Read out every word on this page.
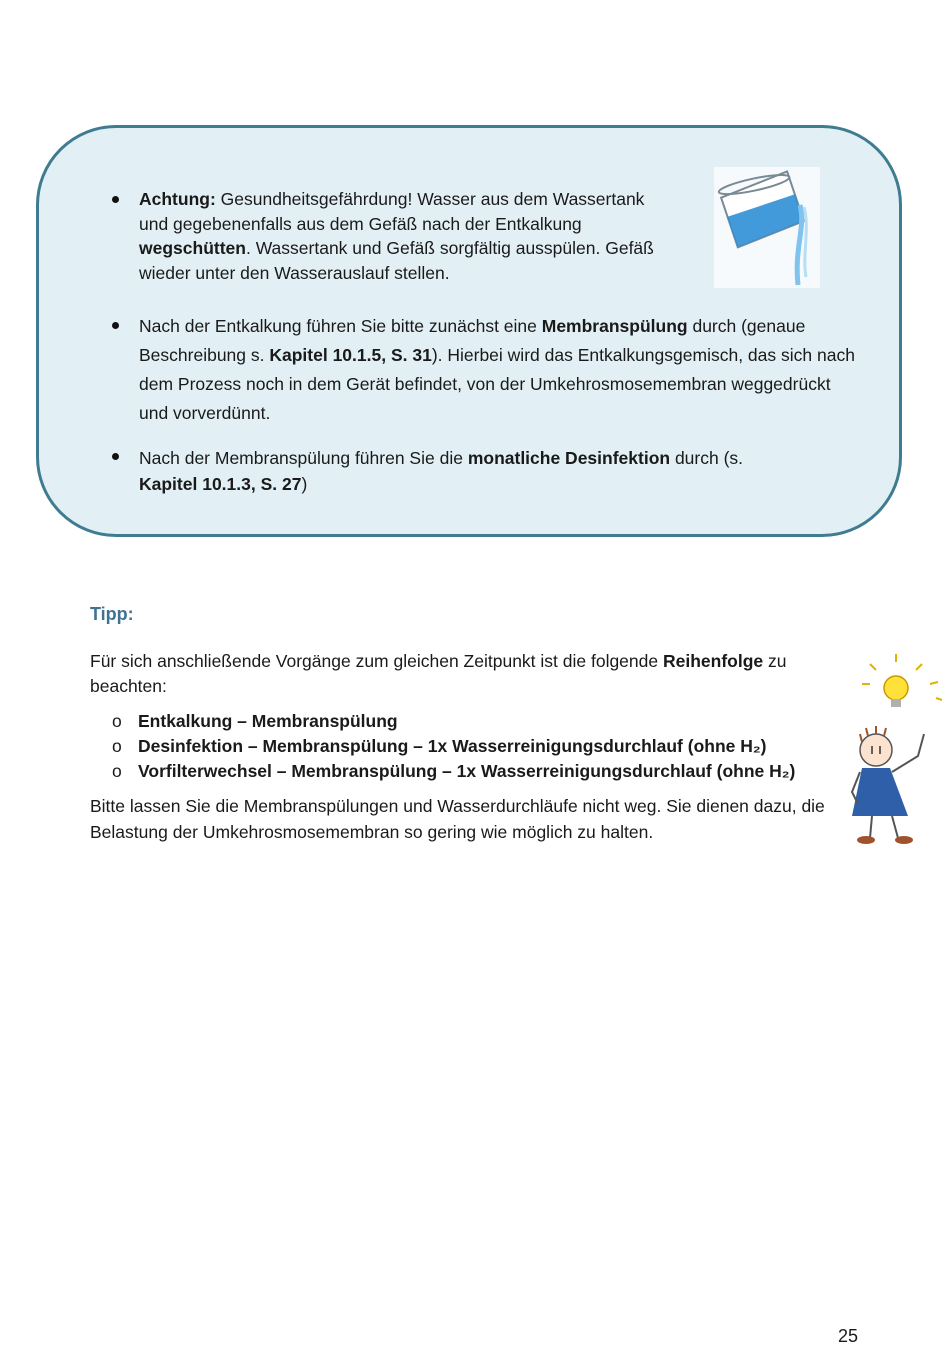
Achtung: Gesundheitsgefährdung! Wasser aus dem Wassertank und gegebenenfalls aus dem Gefäß nach der Entkalkung wegschütten. Wassertank und Gefäß sorgfältig ausspülen. Gefäß wieder unter den Wasserauslauf stellen.
Nach der Entkalkung führen Sie bitte zunächst eine Membranspülung durch (genaue Beschreibung s. Kapitel 10.1.5, S. 31). Hierbei wird das Entkalkungsgemisch, das sich nach dem Prozess noch in dem Gerät befindet, von der Umkehrosmosemembran weggedrückt und vorverdünnt.
Nach der Membranspülung führen Sie die monatliche Desinfektion durch (s. Kapitel 10.1.3, S. 27)
Tipp:
Für sich anschließende Vorgänge zum gleichen Zeitpunkt ist die folgende Reihenfolge zu beachten:
o Entkalkung – Membranspülung
o Desinfektion – Membranspülung – 1x Wasserreinigungsdurchlauf (ohne H₂)
o Vorfilterwechsel – Membranspülung – 1x Wasserreinigungsdurchlauf (ohne H₂)
Bitte lassen Sie die Membranspülungen und Wasserdurchläufe nicht weg. Sie dienen dazu, die Belastung der Umkehrosmosemembran so gering wie möglich zu halten.
25
